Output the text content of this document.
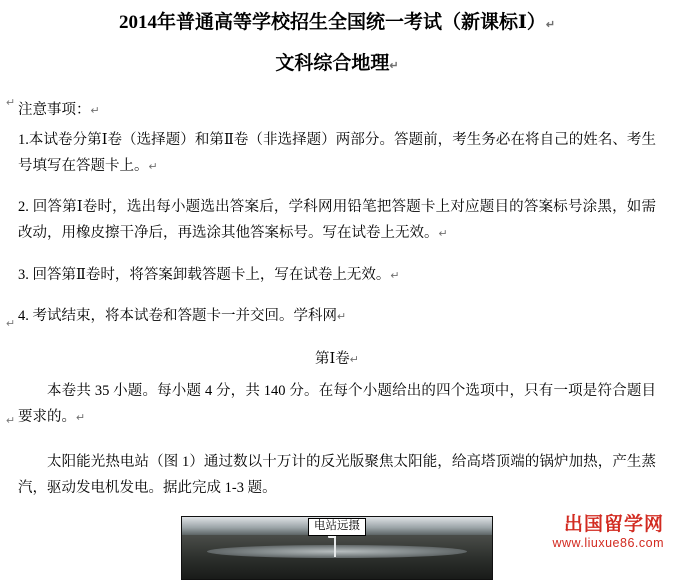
↵
↵
↵
2014年普通高等学校招生全国统一考试（新课标Ⅰ）↵
文科综合地理↵
注意事项：↵

1.本试卷分第Ⅰ卷（选择题）和第Ⅱ卷（非选择题）两部分。答题前，考生务必在将自己的姓名、考生号填写在答题卡上。↵

2. 回答第Ⅰ卷时，选出每小题选出答案后，学科网用铅笔把答题卡上对应题目的答案标号涂黑，如需改动，用橡皮擦干净后，再选涂其他答案标号。写在试卷上无效。↵

3. 回答第Ⅱ卷时，将答案卸载答题卡上，写在试卷上无效。↵

4. 考试结束，将本试卷和答题卡一并交回。学科网↵

第Ⅰ卷↵

本卷共 35 小题。每小题 4 分，共 140 分。在每个小题给出的四个选项中，只有一项是符合题目要求的。↵

太阳能光热电站（图 1）通过数以十万计的反光版聚焦太阳能，给高塔顶端的锅炉加热，产生蒸汽，驱动发电机发电。据此完成 1-3 题。

电站远摄	出国留学网
www.liuxue86.com
